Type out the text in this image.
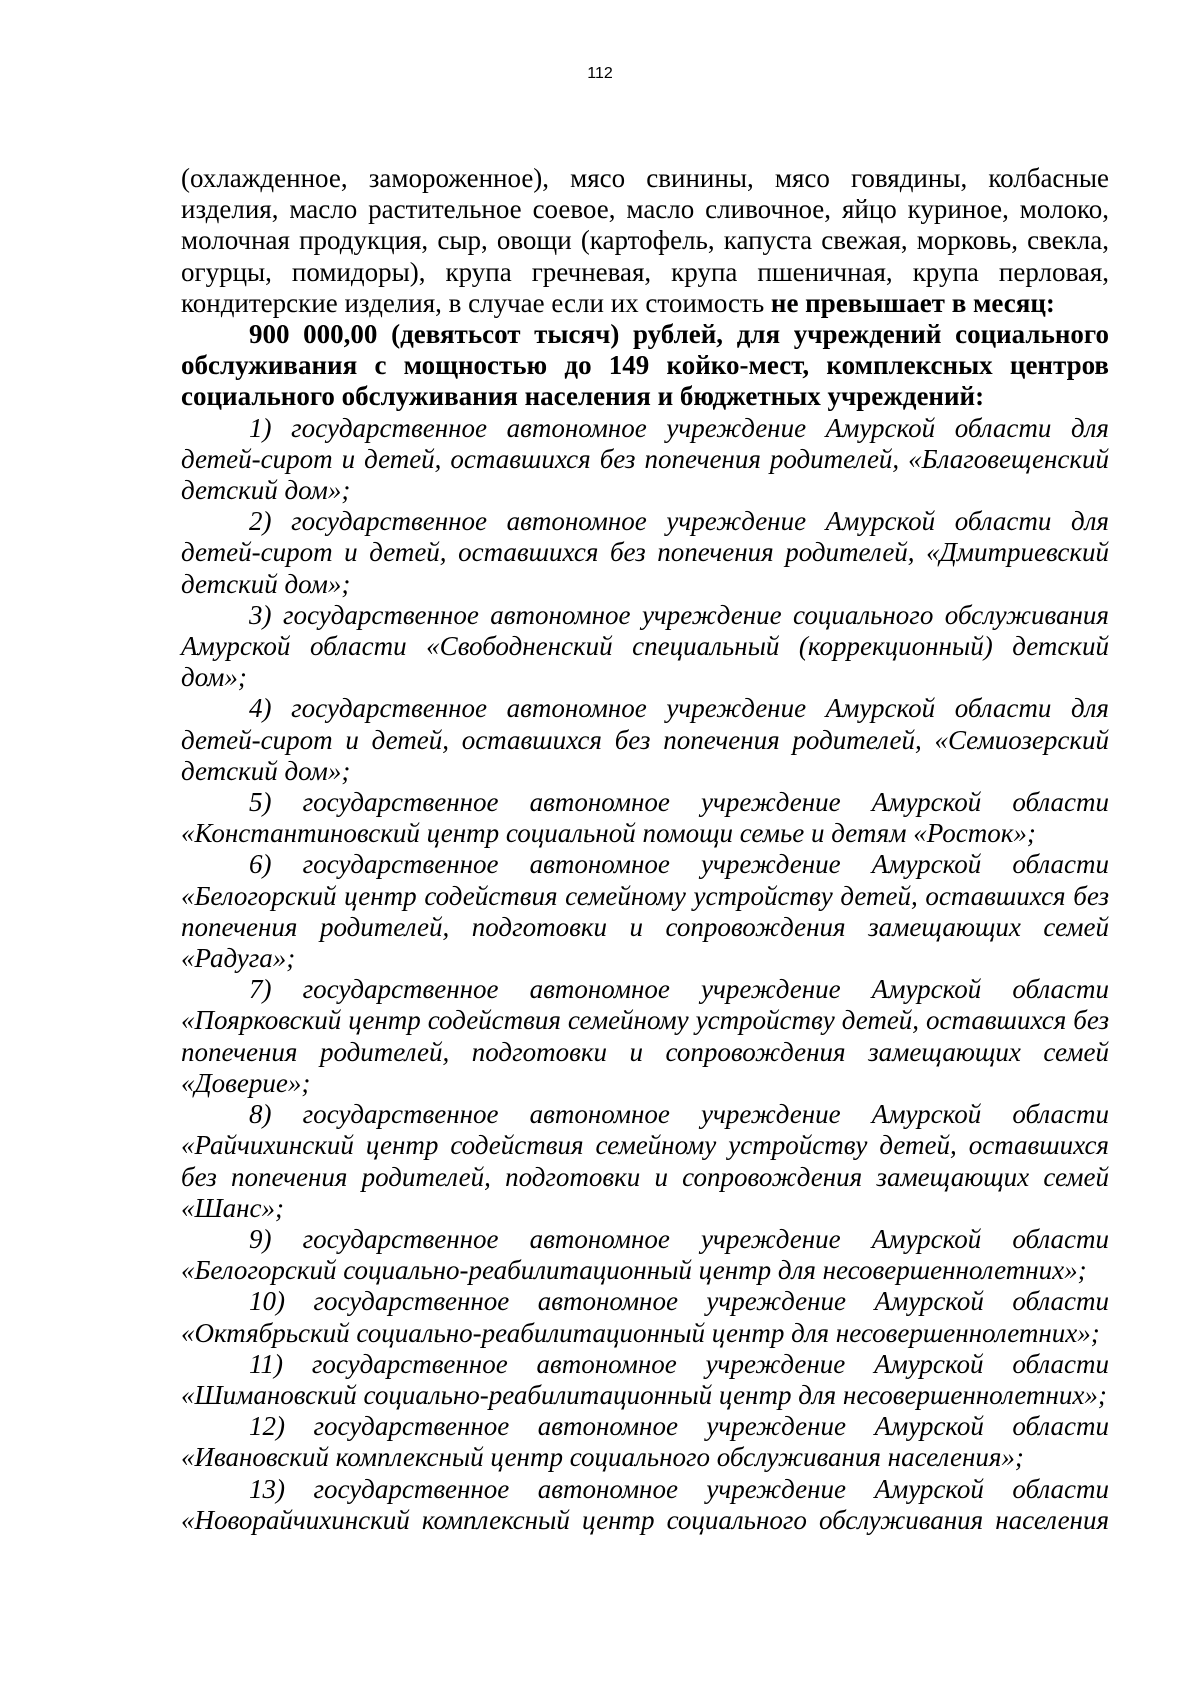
112

(охлажденное, замороженное), мясо свинины, мясо говядины, колбасные изделия, масло растительное соевое, масло сливочное, яйцо куриное, молоко, молочная продукция, сыр, овощи (картофель, капуста свежая, морковь, свекла, огурцы, помидоры), крупа гречневая, крупа пшеничная, крупа перловая, кондитерские изделия, в случае если их стоимость не превышает в месяц:

900 000,00 (девятьсот тысяч) рублей, для учреждений социального обслуживания с мощностью до 149 койко-мест, комплексных центров социального обслуживания населения и бюджетных учреждений:

1) государственное автономное учреждение Амурской области для детей-сирот и детей, оставшихся без попечения родителей, «Благовещенский детский дом»;

2) государственное автономное учреждение Амурской области для детей-сирот и детей, оставшихся без попечения родителей, «Дмитриевский детский дом»;

3) государственное автономное учреждение социального обслуживания Амурской области «Свободненский специальный (коррекционный) детский дом»;

4) государственное автономное учреждение Амурской области для детей-сирот и детей, оставшихся без попечения родителей, «Семиозерский детский дом»;

5) государственное автономное учреждение Амурской области «Константиновский центр социальной помощи семье и детям «Росток»;

6) государственное автономное учреждение Амурской области «Белогорский центр содействия семейному устройству детей, оставшихся без попечения родителей, подготовки и сопровождения замещающих семей «Радуга»;

7) государственное автономное учреждение Амурской области «Поярковский центр содействия семейному устройству детей, оставшихся без попечения родителей, подготовки и сопровождения замещающих семей «Доверие»;

8) государственное автономное учреждение Амурской области «Райчихинский центр содействия семейному устройству детей, оставшихся без попечения родителей, подготовки и сопровождения замещающих семей «Шанс»;

9) государственное автономное учреждение Амурской области «Белогорский социально-реабилитационный центр для несовершеннолетних»;

10) государственное автономное учреждение Амурской области «Октябрьский социально-реабилитационный центр для несовершеннолетних»;

11) государственное автономное учреждение Амурской области «Шимановский социально-реабилитационный центр для несовершеннолетних»;

12) государственное автономное учреждение Амурской области «Ивановский комплексный центр социального обслуживания населения»;

13) государственное автономное учреждение Амурской области «Новорайчихинский комплексный центр социального обслуживания населения
